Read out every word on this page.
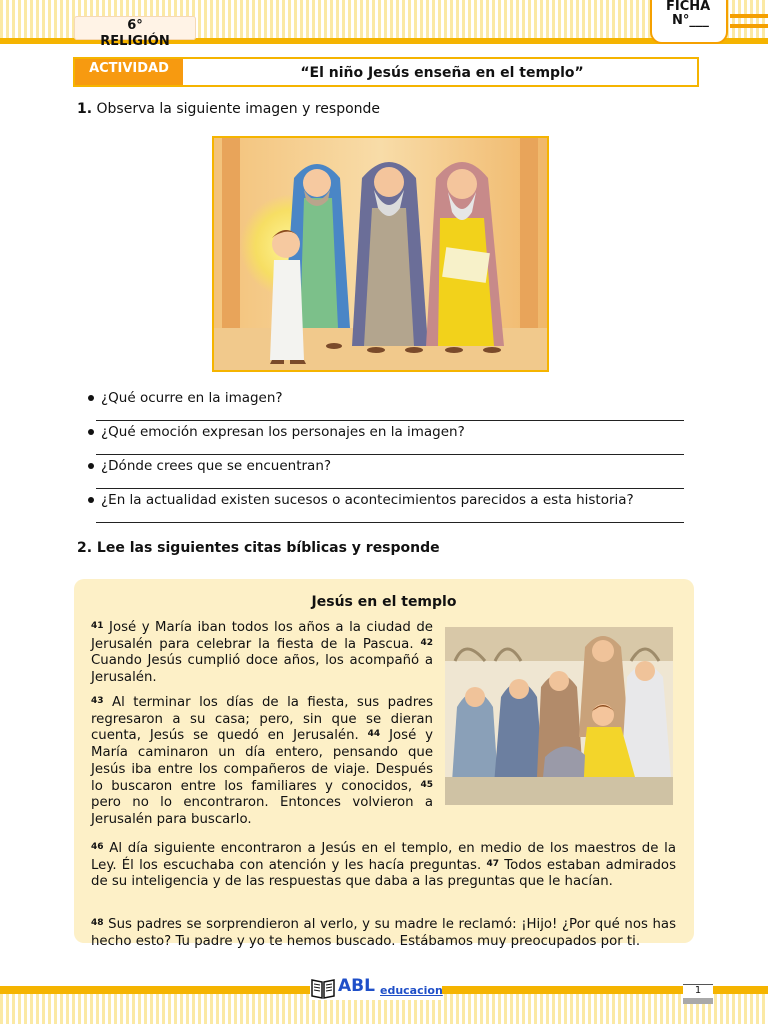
6°
RELIGIÓN
FICHA
N°___
ACTIVIDAD	“El niño Jesús enseña en el templo”
1. Observa la siguiente imagen y responde
¿Qué ocurre en la imagen?
¿Qué emoción expresan los personajes en la imagen?
¿Dónde crees que se encuentran?
¿En la actualidad existen sucesos o acontecimientos parecidos a esta historia?
2. Lee las siguientes citas bíblicas y responde
Jesús en el templo
$^{41}$ José y María iban todos los años a la ciudad de Jerusalén para celebrar la fiesta de la Pascua. $^{42}$ Cuando Jesús cumplió doce años, los acompañó a Jerusalén.
$^{43}$ Al terminar los días de la fiesta, sus padres regresaron a su casa; pero, sin que se dieran cuenta, Jesús se quedó en Jerusalén. $^{44}$ José y María caminaron un día entero, pensando que Jesús iba entre los compañeros de viaje. Después lo buscaron entre los familiares y conocidos, $^{45}$ pero no lo encontraron. Entonces volvieron a Jerusalén para buscarlo.
$^{46}$ Al día siguiente encontraron a Jesús en el templo, en medio de los maestros de la Ley. Él los escuchaba con atención y les hacía preguntas. $^{47}$ Todos estaban admirados de su inteligencia y de las respuestas que daba a las preguntas que le hacían.
$^{48}$ Sus padres se sorprendieron al verlo, y su madre le reclamó: ¡Hijo! ¿Por qué nos has hecho esto? Tu padre y yo te hemos buscado. Estábamos muy preocupados por ti.
ABL educacion	1
